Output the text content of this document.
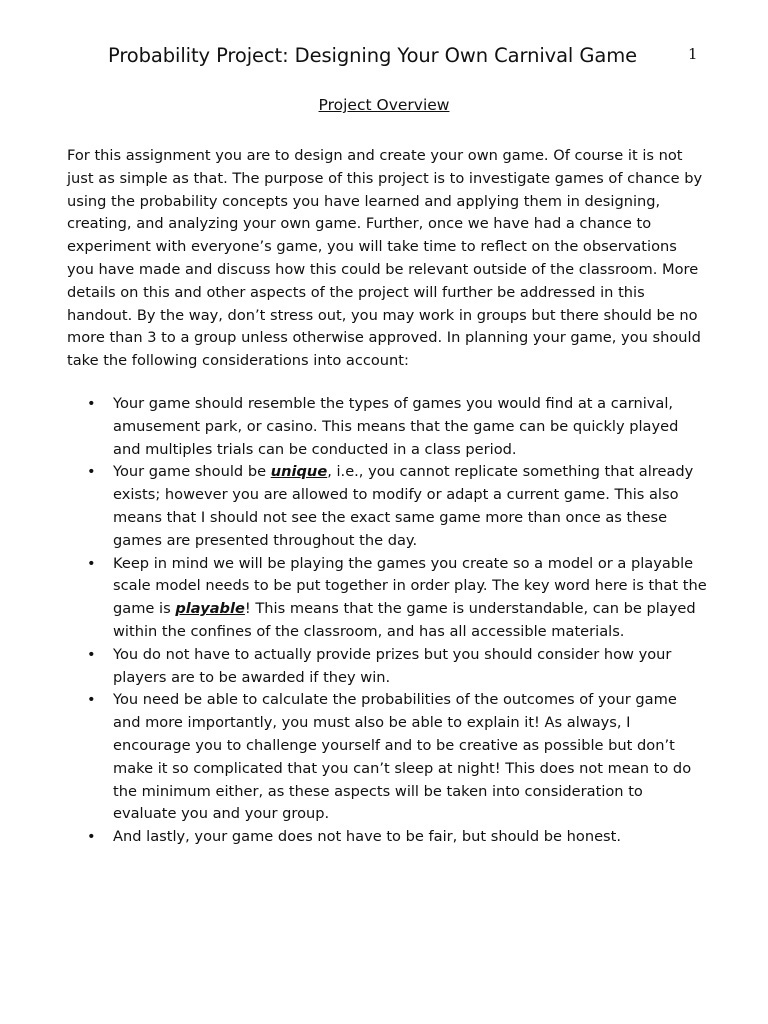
Probability Project: Designing Your Own Carnival Game	1
Project Overview

For this assignment you are to design and create your own game. Of course it is not just as simple as that. The purpose of this project is to investigate games of chance by using the probability concepts you have learned and applying them in designing, creating, and analyzing your own game. Further, once we have had a chance to experiment with everyone’s game, you will take time to reflect on the observations you have made and discuss how this could be relevant outside of the classroom. More details on this and other aspects of the project will further be addressed in this handout. By the way, don’t stress out, you may work in groups but there should be no more than 3 to a group unless otherwise approved. In planning your game, you should take the following considerations into account:

• Your game should resemble the types of games you would find at a carnival, amusement park, or casino. This means that the game can be quickly played and multiples trials can be conducted in a class period.
• Your game should be unique, i.e., you cannot replicate something that already exists; however you are allowed to modify or adapt a current game. This also means that I should not see the exact same game more than once as these games are presented throughout the day.
• Keep in mind we will be playing the games you create so a model or a playable scale model needs to be put together in order play. The key word here is that the game is playable! This means that the game is understandable, can be played within the confines of the classroom, and has all accessible materials.
• You do not have to actually provide prizes but you should consider how your players are to be awarded if they win.
• You need be able to calculate the probabilities of the outcomes of your game and more importantly, you must also be able to explain it! As always, I encourage you to challenge yourself and to be creative as possible but don’t make it so complicated that you can’t sleep at night! This does not mean to do the minimum either, as these aspects will be taken into consideration to evaluate you and your group.
• And lastly, your game does not have to be fair, but should be honest.
